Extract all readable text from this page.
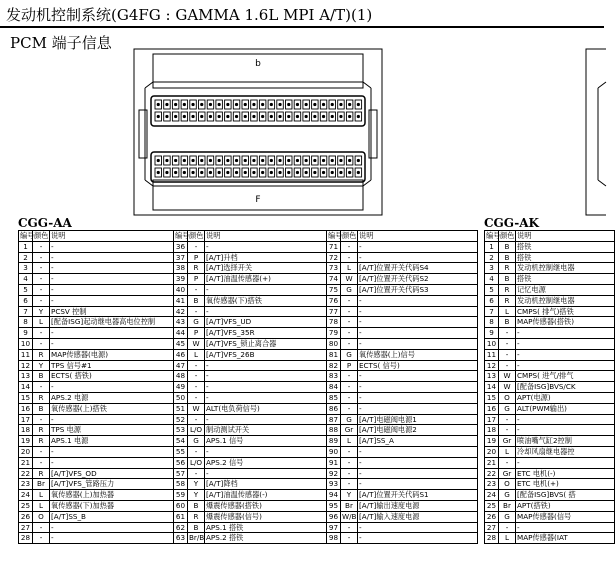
发动机控制系统(G4FG : GAMMA 1.6L MPI A/T)(1)
PCM 端子信息
b
F
CGG-AA	CGG-AK
编号	颜色	说明		编号	颜色	说明		编号	颜色	说明
1	-	-		36	-	-		71	-	-
2	-	-		37	P	[A/T]升档		72	-	-
3	-	-		38	R	[A/T]选择开关		73	L	[A/T]位置开关代码S4
4	-	-		39	P	[A/T]油温传感器(+)		74	W	[A/T]位置开关代码S2
5	-	-		40	-	-		75	G	[A/T]位置开关代码S3
6	-	-		41	B	氧传感器(下)搭铁		76	-	-
7	Y	PCSV 控制		42	-	-		77	-	-
8	L	[配备ISG]起动继电器高电位控制		43	G	[A/T]VFS_UD		78	-	-
9	-	-		44	P	[A/T]VFS_35R		79	-	-
10	-	-		45	W	[A/T]VFS_锁止离合器		80	-	-
11	R	MAP传感器(电源)		46	L	[A/T]VFS_26B		81	G	氧传感器(上)信号
12	Y	TPS 信号#1		47	-	-		82	P	ECTS( 信号)
13	B	ECTS( 搭铁)		48	-	-		83	-	-
14	-	-		49	-	-		84	-	-
15	R	APS.2 电源		50	-	-		85	-	-
16	B	氧传感器(上)搭铁		51	W	ALT(电负荷信号)		86	-	-
17	-	-		52	-	-		87	G	[A/T]电磁阀电源1
18	R	TPS 电源		53	L/O	制动测试开关		88	Gr	[A/T]电磁阀电源2
19	R	APS.1 电源		54	G	APS.1 信号		89	L	[A/T]SS_A
20	-	-		55	-	-		90	-	-
21	-	-		56	L/O	APS.2 信号		91	-	-
22	R	[A/T]VFS_OD		57	-	-		92	-	-
23	Br	[A/T]VFS_管路压力		58	Y	[A/T]降档		93	-	-
24	L	氧传感器(上)加热器		59	Y	[A/T]油温传感器(-)		94	Y	[A/T]位置开关代码S1
25	L	氧传感器(下)加热器		60	B	爆震传感器(搭铁)		95	Br	[A/T]输出速度电源
26	O	[A/T]SS_B		61	R	爆震传感器(信号)		96	W/B	[A/T]输入速度电源
27	-	-		62	B	APS.1 搭铁		97	-	-
28	-	-		63	Br/B	APS.2 搭铁		98	-	-
编号	颜色	说明
1	B	搭铁
2	B	搭铁
3	R	发动机控制继电器
4	B	搭铁
5	R	记忆电源
6	R	发动机控制继电器
7	L	CMPS( 排气)搭铁
8	B	MAP传感器(搭铁)
9	-	-
10	-	-
11	-	-
12	-	-
13	W	CMPS( 进气/排气
14	W	[配备ISG]BVS/CK
15	O	APT(电源)
16	G	ALT(PWM输出)
17	-	-
18	-	-
19	Gr	喷油嘴气缸2控制
20	L	冷却风扇继电器控
21	-	-
22	Gr	ETC 电机(-)
23	O	ETC 电机(+)
24	G	[配备ISG]BVS( 搭
25	Br	APT(搭铁)
26	G	MAP传感器(信号
27	-	-
28	L	MAP传感器(IAT
